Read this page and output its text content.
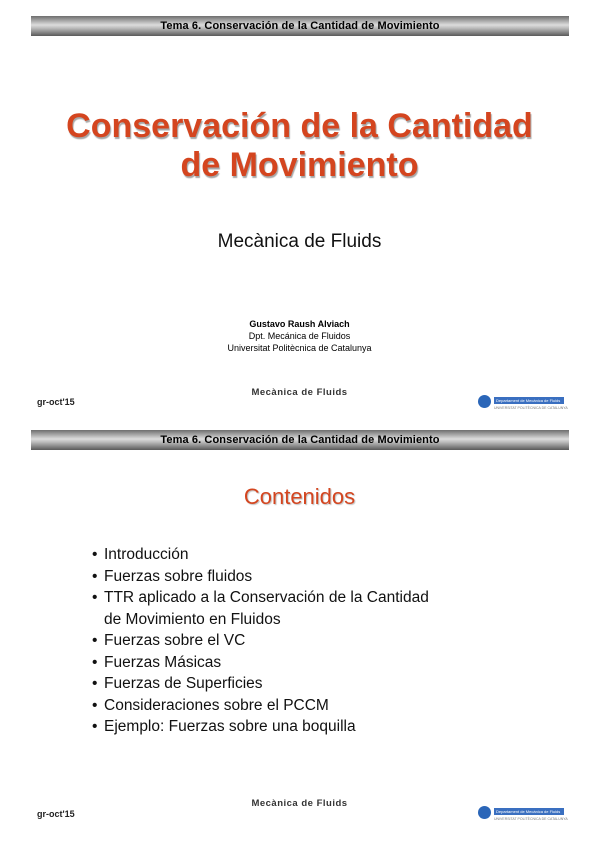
Tema 6. Conservación de la Cantidad de Movimiento
Conservación de la Cantidad
de Movimiento
Mecànica de Fluids
Gustavo Raush Alviach
Dpt. Mecánica de Fluidos
Universitat Politècnica de Catalunya
Mecànica de Fluids
gr-oct'15	Departament de Mecànica de Fluids
UNIVERSITAT POLITÈCNICA DE CATALUNYA
Tema 6. Conservación de la Cantidad de Movimiento
Contenidos
• Introducción
• Fuerzas sobre fluidos
• TTR aplicado a la Conservación de la Cantidad
de Movimiento en Fluidos
• Fuerzas sobre el VC
• Fuerzas Másicas
• Fuerzas de Superficies
• Consideraciones sobre el PCCM
• Ejemplo: Fuerzas sobre una boquilla
Mecànica de Fluids
gr-oct'15	Departament de Mecànica de Fluids
UNIVERSITAT POLITÈCNICA DE CATALUNYA
